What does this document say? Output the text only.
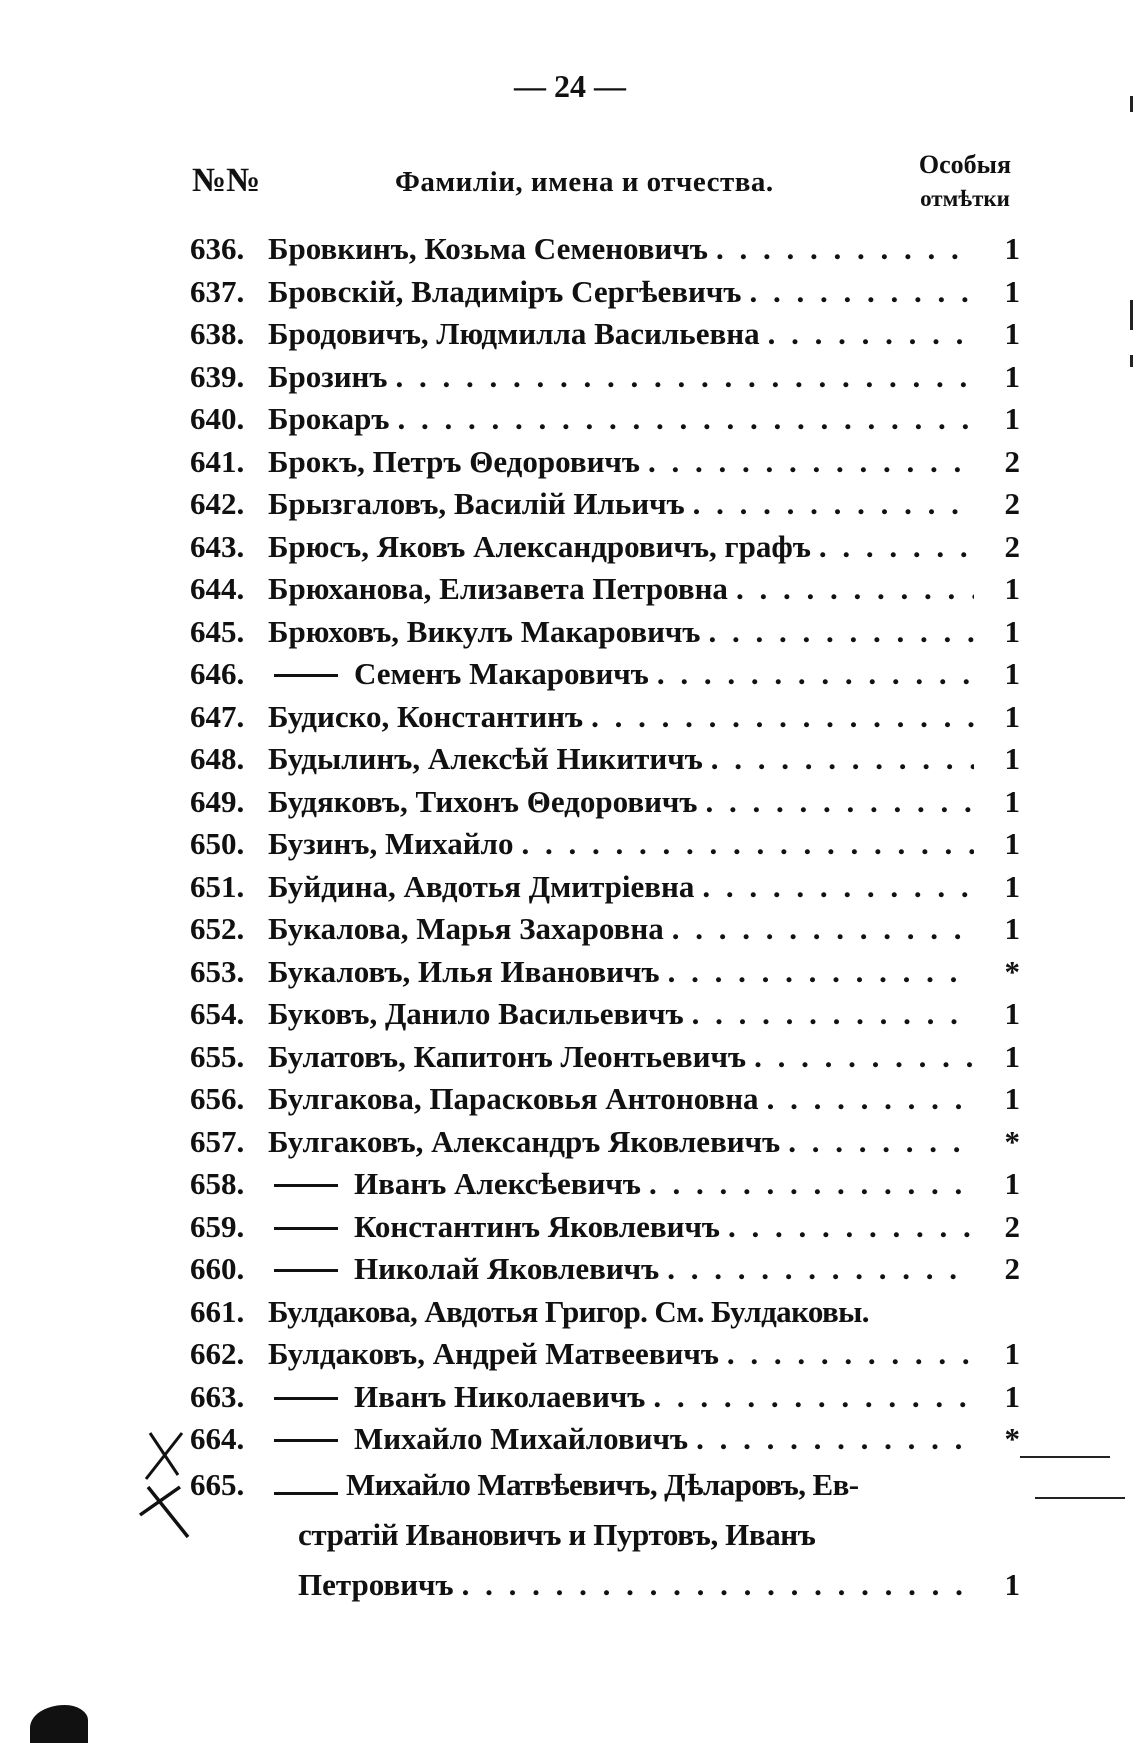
— 24 —
№№	Фамиліи, имена и отчества.
Особыя
отмѣтки
636. Бровкинъ, Козьма Семеновичъ . . .	1
637. Бровскій, Владиміръ Сергѣевичъ . . .	1
638. Бродовичъ, Людмилла Васильевна . . .	1
639. Брозинъ . . .	1
640. Брокаръ . . .	1
641. Брокъ, Петръ Θедоровичъ . . .	2
642. Брызгаловъ, Василій Ильичъ . . .	2
643. Брюсъ, Яковъ Александровичъ, графъ . . .	2
644. Брюханова, Елизавета Петровна . . .	1
645. Брюховъ, Викулъ Макаровичъ . . .	1
646.	Семенъ Макаровичъ . . .	1
647. Будиско, Константинъ . . .	1
648. Будылинъ, Алексѣй Никитичъ . . .	1
649. Будяковъ, Тихонъ Θедоровичъ . . .	1
650. Бузинъ, Михайло . . .	1
651. Буйдина, Авдотья Дмитріевна . . .	1
652. Букалова, Марья Захаровна . . .	1
653. Букаловъ, Илья Ивановичъ . . .	*
654. Буковъ, Данило Васильевичъ . . .	1
655. Булатовъ, Капитонъ Леонтьевичъ . . .	1
656. Булгакова, Парасковья Антоновна . . .	1
657. Булгаковъ, Александръ Яковлевичъ . . .	*
658.	Иванъ Алексѣевичъ . . .	1
659.	Константинъ Яковлевичъ . . .	2
660.	Николай Яковлевичъ . . .	2
661. Булдакова, Авдотья Григор. См. Булдаковы.
662. Булдаковъ, Андрей Матвеевичъ . . .	1
663.	Иванъ Николаевичъ . . .	1
664.	Михайло Михайловичъ . . .	*
665.	Михайло Матвѣевичъ, Дѣларовъ, Ев-
стратій Ивановичъ и Пуртовъ, Иванъ
Петровичъ . . .	1
